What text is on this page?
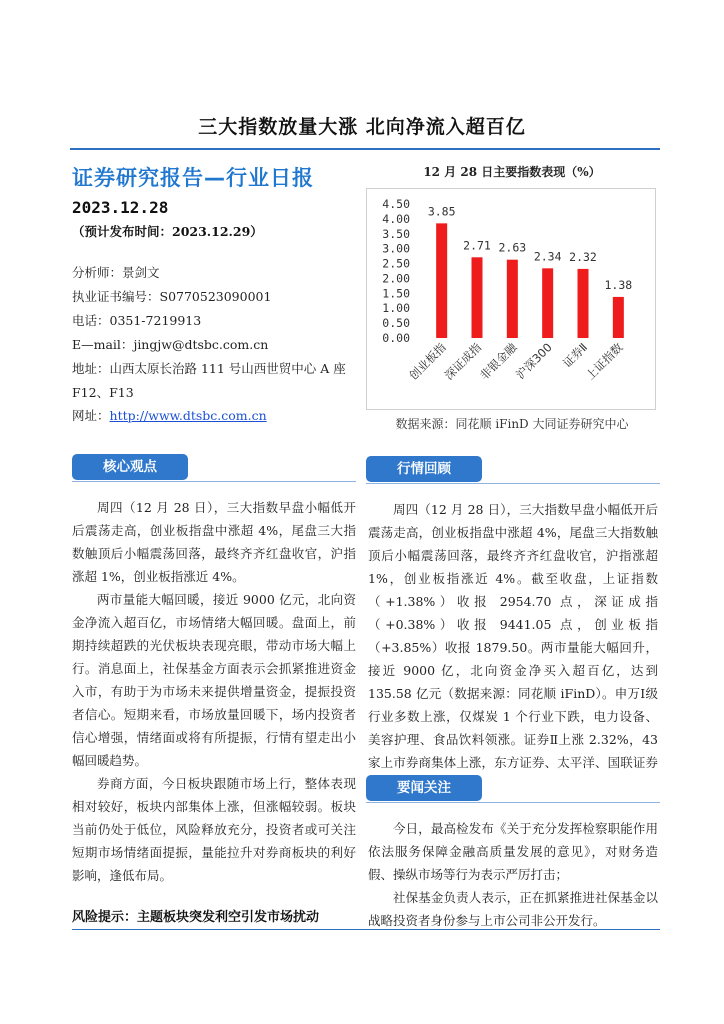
三大指数放量大涨 北向净流入超百亿
证券研究报告—行业日报
2023.12.28
（预计发布时间：2023.12.29）
分析师：景剑文
执业证书编号：S0770523090001
电话：0351-7219913
E—mail：jingjw@dtsbc.com.cn
地址：山西太原长治路 111 号山西世贸中心 A 座
F12、F13
网址：http://www.dtsbc.com.cn
12 月 28 日主要指数表现（%）
0.00
0.50
1.00
1.50
2.00
2.50
3.00
3.50
4.00
4.50
3.85
2.71 2.63
2.34 2.32
1.38
创业板指
深证成指
非银金融
沪深300 证券Ⅱ
上证指数
数据来源：同花顺 iFinD 大同证券研究中心
核心观点

周四（12 月 28 日），三大指数早盘小幅低开后震荡走高，创业板指盘中涨超 4%，尾盘三大指数触顶后小幅震荡回落，最终齐齐红盘收官，沪指涨超 1%，创业板指涨近 4%。

两市量能大幅回暖，接近 9000 亿元，北向资金净流入超百亿，市场情绪大幅回暖。盘面上，前期持续超跌的光伏板块表现亮眼，带动市场大幅上行。消息面上，社保基金方面表示会抓紧推进资金入市，有助于为市场未来提供增量资金，提振投资者信心。短期来看，市场放量回暖下，场内投资者信心增强，情绪面或将有所提振，行情有望走出小幅回暖趋势。

券商方面，今日板块跟随市场上行，整体表现相对较好，板块内部集体上涨，但涨幅较弱。板块当前仍处于低位，风险释放充分，投资者或可关注短期市场情绪面提振，量能拉升对券商板块的利好影响，逢低布局。

行情回顾

周四（12 月 28 日），三大指数早盘小幅低开后震荡走高，创业板指盘中涨超 4%，尾盘三大指数触顶后小幅震荡回落，最终齐齐红盘收官，沪指涨超 1%，创业板指涨近 4%。截至收盘，上证指数（+1.38%）收报 2954.70 点，深证成指（+0.38%）收报 9441.05 点，创业板指（+3.85%）收报 1879.50。两市量能大幅回升，接近 9000 亿，北向资金净买入超百亿，达到 135.58 亿元（数据来源：同花顺 iFinD）。申万Ⅰ级行业多数上涨，仅煤炭 1 个行业下跌，电力设备、美容护理、食品饮料领涨。证券Ⅱ上涨 2.32%，43 家上市券商集体上涨，东方证券、太平洋、国联证券

要闻关注

今日，最高检发布《关于充分发挥检察职能作用依法服务保障金融高质量发展的意见》，对财务造假、操纵市场等行为表示严厉打击；

社保基金负责人表示，正在抓紧推进社保基金以战略投资者身份参与上市公司非公开发行。

风险提示：主题板块突发利空引发市场扰动
